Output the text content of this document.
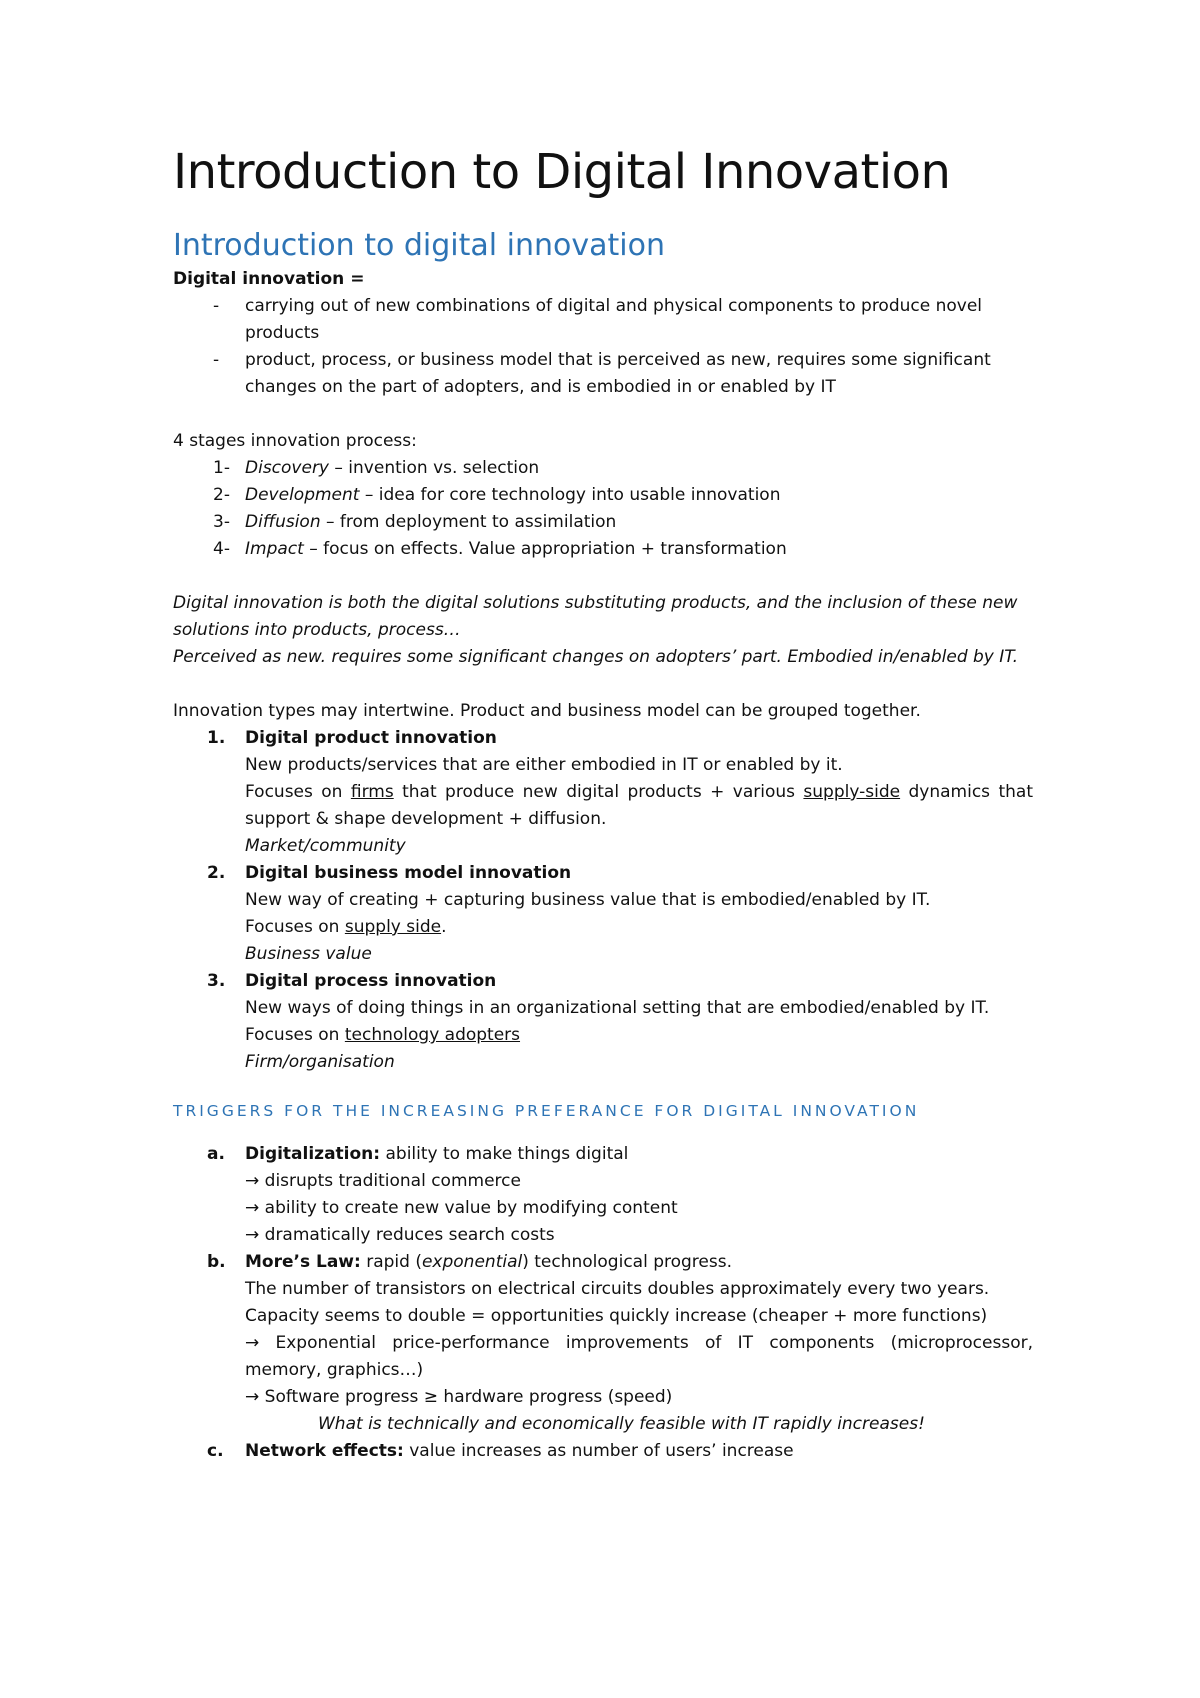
Introduction to Digital Innovation
Introduction to digital innovation

Digital innovation =

-	carrying out of new combinations of digital and physical components to produce novel products
-	product, process, or business model that is perceived as new, requires some significant changes on the part of adopters, and is embodied in or enabled by IT

4 stages innovation process:

1- Discovery – invention vs. selection
2- Development – idea for core technology into usable innovation
3- Diffusion – from deployment to assimilation
4- Impact – focus on effects. Value appropriation + transformation

Digital innovation is both the digital solutions substituting products, and the inclusion of these new solutions into products, process…

Perceived as new. requires some significant changes on adopters’ part. Embodied in/enabled by IT.

Innovation types may intertwine. Product and business model can be grouped together.

1.	Digital product innovation
New products/services that are either embodied in IT or enabled by it.
Focuses on firms that produce new digital products + various supply-side dynamics that support & shape development + diffusion.
Market/community
2.	Digital business model innovation
New way of creating + capturing business value that is embodied/enabled by IT.
Focuses on supply side.
Business value
3.	Digital process innovation
New ways of doing things in an organizational setting that are embodied/enabled by IT.
Focuses on technology adopters
Firm/organisation
TRIGGERS FOR THE INCREASING PREFERANCE FOR DIGITAL INNOVATION
a.	Digitalization: ability to make things digital
→ disrupts traditional commerce
→ ability to create new value by modifying content
→ dramatically reduces search costs
b.	More’s Law: rapid (exponential) technological progress.
The number of transistors on electrical circuits doubles approximately every two years.
Capacity seems to double = opportunities quickly increase (cheaper + more functions)
→ Exponential price-performance improvements of IT components (microprocessor, memory, graphics…)
→ Software progress ≥ hardware progress (speed)
What is technically and economically feasible with IT rapidly increases!
c.	Network effects: value increases as number of users’ increase
